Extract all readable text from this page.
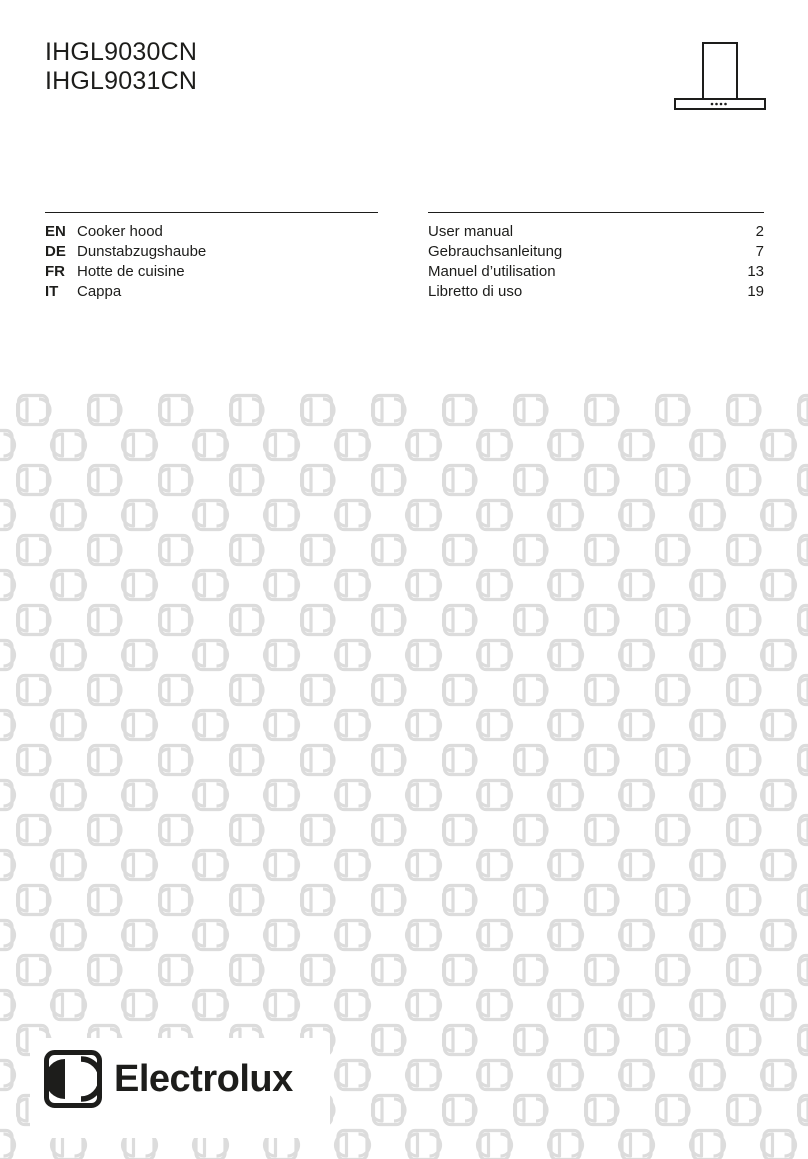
IHGL9030CN
IHGL9031CN
EN Cooker hood
DE Dunstabzugshaube
FR Hotte de cuisine
IT Cappa
User manual	2
Gebrauchsanleitung	7
Manuel d’utilisation	13
Libretto di uso	19
Electrolux
